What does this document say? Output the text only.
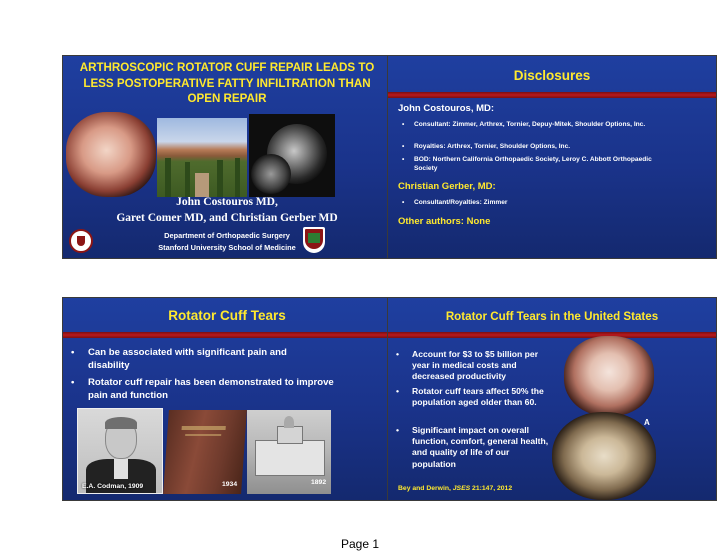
ARTHROSCOPIC ROTATOR CUFF REPAIR LEADS TO LESS POSTOPERATIVE FATTY INFILTRATION THAN OPEN REPAIR
John Costouros MD,
Garet Comer MD, and Christian Gerber MD
Department of Orthopaedic Surgery
Stanford University School of Medicine
Disclosures
John Costouros, MD:
•	Consultant: Zimmer, Arthrex, Tornier, Depuy-Mitek, Shoulder Options, Inc.
•	Royalties: Arthrex, Tornier, Shoulder Options, Inc.
•	BOD: Northern California Orthopaedic Society, Leroy C. Abbott Orthopaedic Society
Christian Gerber, MD:
•	Consultant/Royalties: Zimmer
Other authors: None
Rotator Cuff Tears
•	Can be associated with significant pain and disability
•	Rotator cuff repair has been demonstrated to improve pain and function
E.A. Codman, 1909	1934	1892
Rotator Cuff Tears in the United States
•	Account for $3 to $5 billion per year in medical costs and decreased productivity
•	Rotator cuff tears affect 50% the population aged older than 60.
•	Significant impact on overall function, comfort, general health, and quality of life of our population
Bey and Derwin, JSES 21:147, 2012
A
Page 1
